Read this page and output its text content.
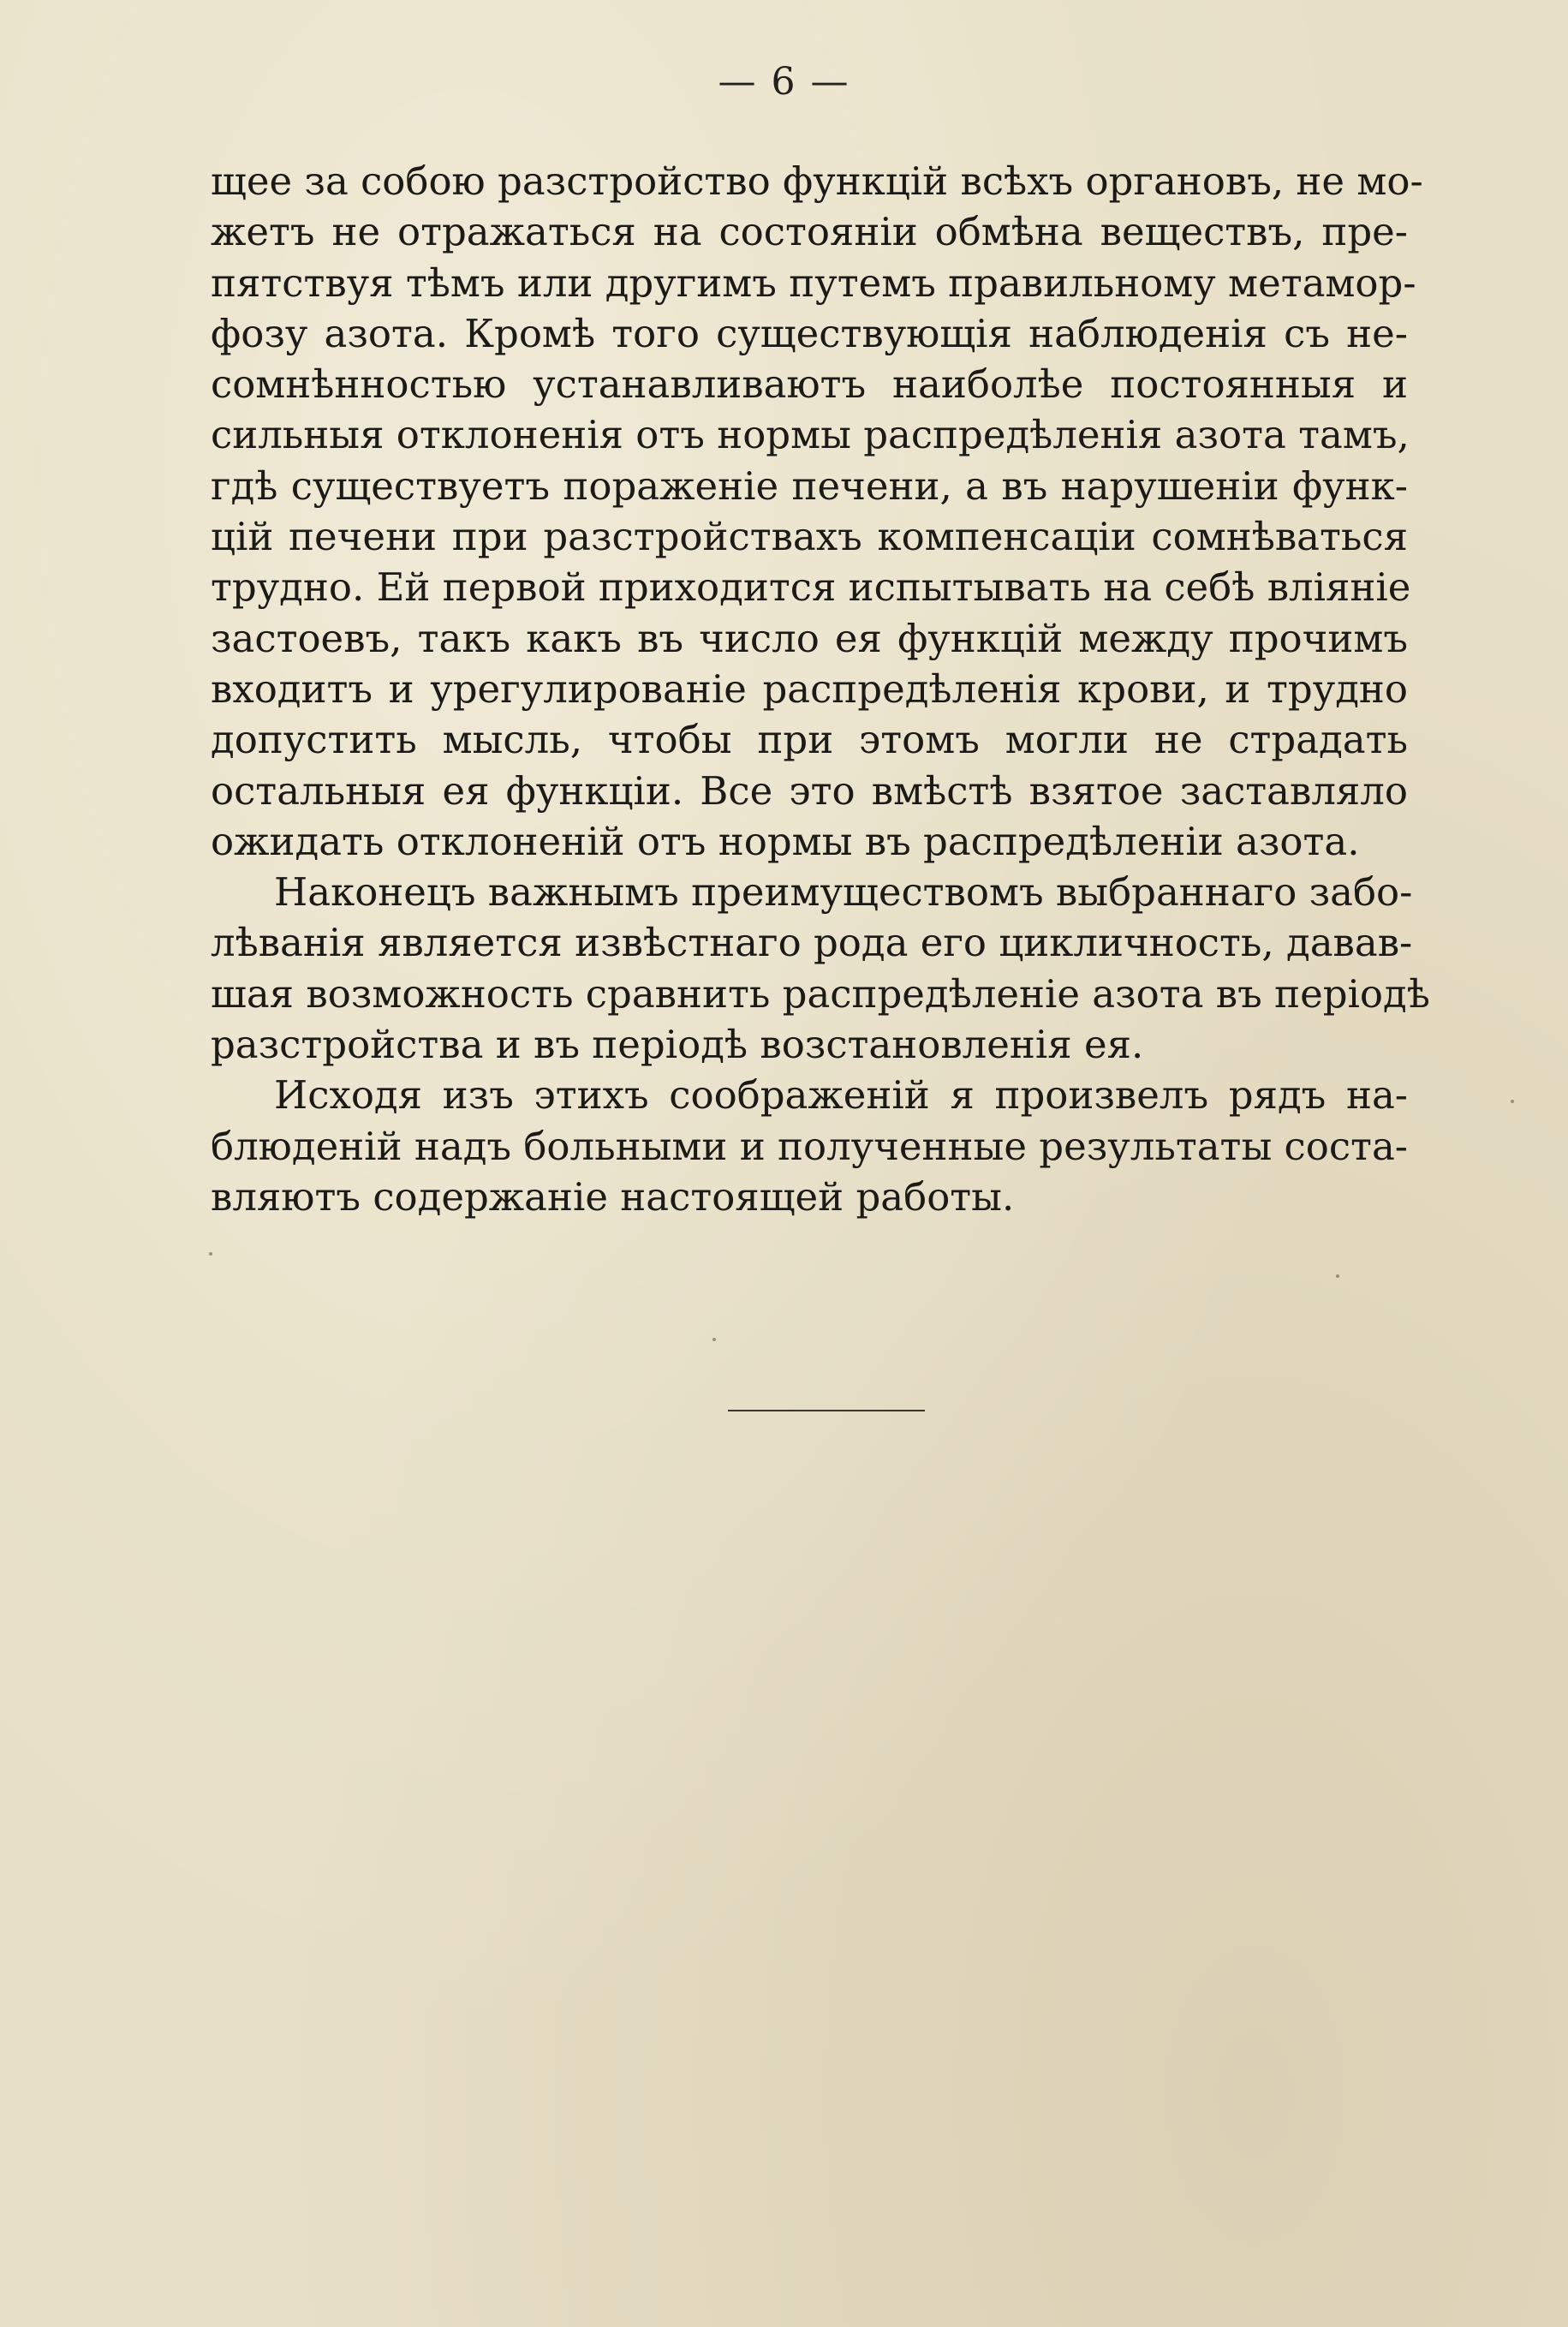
— 6 —
щее за собою разстройство функцій всѣхъ органовъ, не мо-
жетъ не отражаться на состояніи обмѣна веществъ, пре-
пятствуя тѣмъ или другимъ путемъ правильному метамор-
фозу азота. Кромѣ того существующія наблюденія съ не-
сомнѣнностью устанавливаютъ наиболѣе постоянныя и
сильныя отклоненія отъ нормы распредѣленія азота тамъ,
гдѣ существуетъ пораженіе печени, а въ нарушеніи функ-
цій печени при разстройствахъ компенсаціи сомнѣваться
трудно. Ей первой приходится испытывать на себѣ вліяніе
застоевъ, такъ какъ въ число ея функцій между прочимъ
входитъ и урегулированіе распредѣленія крови, и трудно
допустить мысль, чтобы при этомъ могли не страдать
остальныя ея функціи. Все это вмѣстѣ взятое заставляло
ожидать отклоненій отъ нормы въ распредѣленіи азота.
Наконецъ важнымъ преимуществомъ выбраннаго забо-
лѣванія является извѣстнаго рода его цикличность, давав-
шая возможность сравнить распредѣленіе азота въ періодѣ
разстройства и въ періодѣ возстановленія ея.
Исходя изъ этихъ соображеній я произвелъ рядъ на-
блюденій надъ больными и полученные результаты соста-
вляютъ содержаніе настоящей работы.
